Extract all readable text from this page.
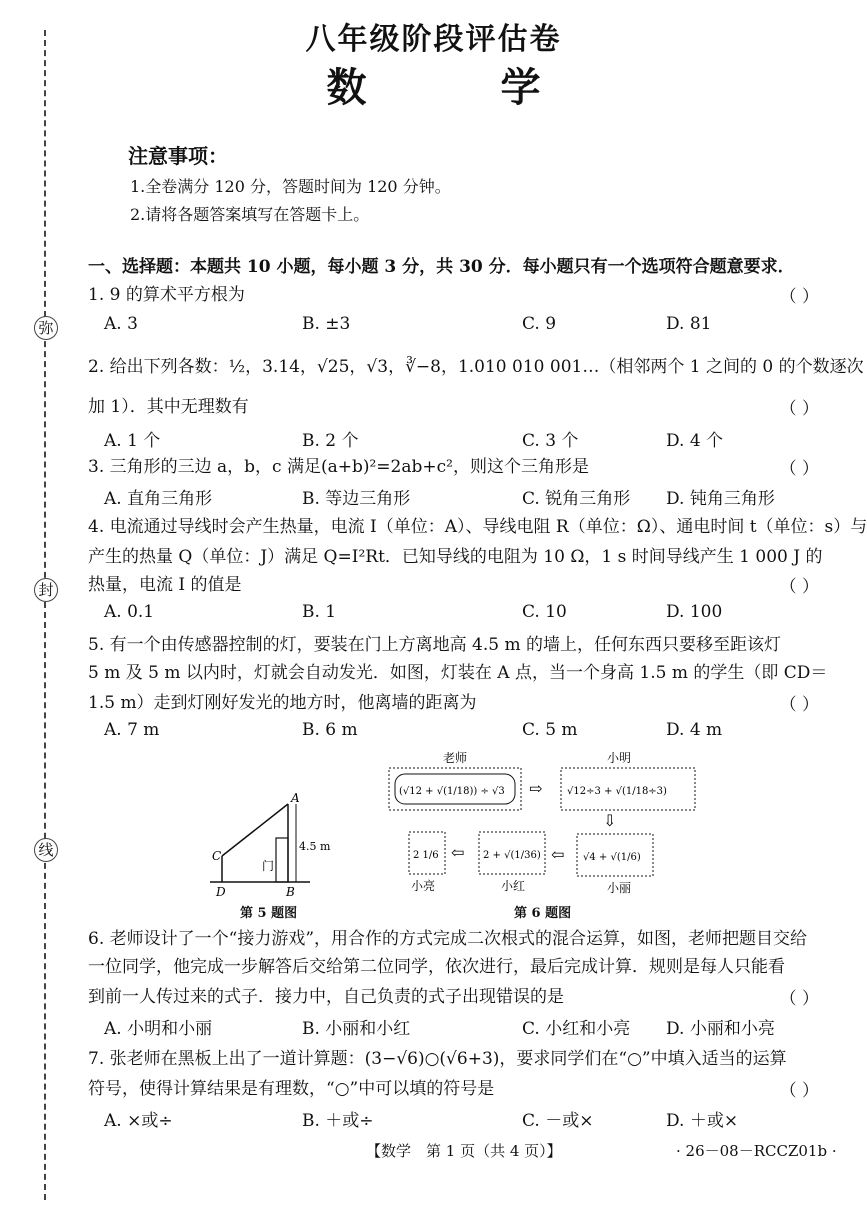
弥
封
线
八年级阶段评估卷
数 学
注意事项：
1.全卷满分 120 分，答题时间为 120 分钟。
2.请将各题答案填写在答题卡上。
一、选择题：本题共 10 小题，每小题 3 分，共 30 分．每小题只有一个选项符合题意要求．
1. 9 的算术平方根为	（ ）
A. 3	B. ±3	C. 9	D. 81
2. 给出下列各数：½，3.14，√25，√3，∛−8，1.010 010 001…（相邻两个 1 之间的 0 的个数逐次
加 1）．其中无理数有	（ ）
A. 1 个	B. 2 个	C. 3 个	D. 4 个
3. 三角形的三边 a，b，c 满足(a+b)²=2ab+c²，则这个三角形是	（ ）
A. 直角三角形	B. 等边三角形	C. 锐角三角形 D. 钝角三角形
4. 电流通过导线时会产生热量，电流 I（单位：A）、导线电阻 R（单位：Ω）、通电时间 t（单位：s）与
产生的热量 Q（单位：J）满足 Q=I²Rt．已知导线的电阻为 10 Ω，1 s 时间导线产生 1 000 J 的
热量，电流 I 的值是	（ ）
A. 0.1	B. 1	C. 10	D. 100
5. 有一个由传感器控制的灯，要装在门上方离地高 4.5 m 的墙上，任何东西只要移至距该灯
5 m 及 5 m 以内时，灯就会自动发光．如图，灯装在 A 点，当一个身高 1.5 m 的学生（即 CD＝
1.5 m）走到灯刚好发光的地方时，他离墙的距离为	（ ）
A. 7 m	B. 6 m	C. 5 m	D. 4 m
A
B
C
D
门
4.5 m
第 5 题图
老师	小明
(√12 + √(1/18)) ÷ √3 ⇨ √12÷3 + √(1/18÷3)
⇩
√4 + √(1/6)
小丽
⇦
2 + √(1/36)
小红
⇦
2 1/6
小亮
第 6 题图
6. 老师设计了一个“接力游戏”，用合作的方式完成二次根式的混合运算，如图，老师把题目交给
一位同学，他完成一步解答后交给第二位同学，依次进行，最后完成计算．规则是每人只能看
到前一人传过来的式子．接力中，自己负责的式子出现错误的是	（ ）
A. 小明和小丽	B. 小丽和小红	C. 小红和小亮 D. 小丽和小亮
7. 张老师在黑板上出了一道计算题：(3−√6)○(√6+3)，要求同学们在“○”中填入适当的运算
符号，使得计算结果是有理数，“○”中可以填的符号是	（ ）
A. ×或÷	B. ＋或÷	C. －或×	D. ＋或×
【数学　第 1 页（共 4 页）】	· 26－08－RCCZ01b ·
